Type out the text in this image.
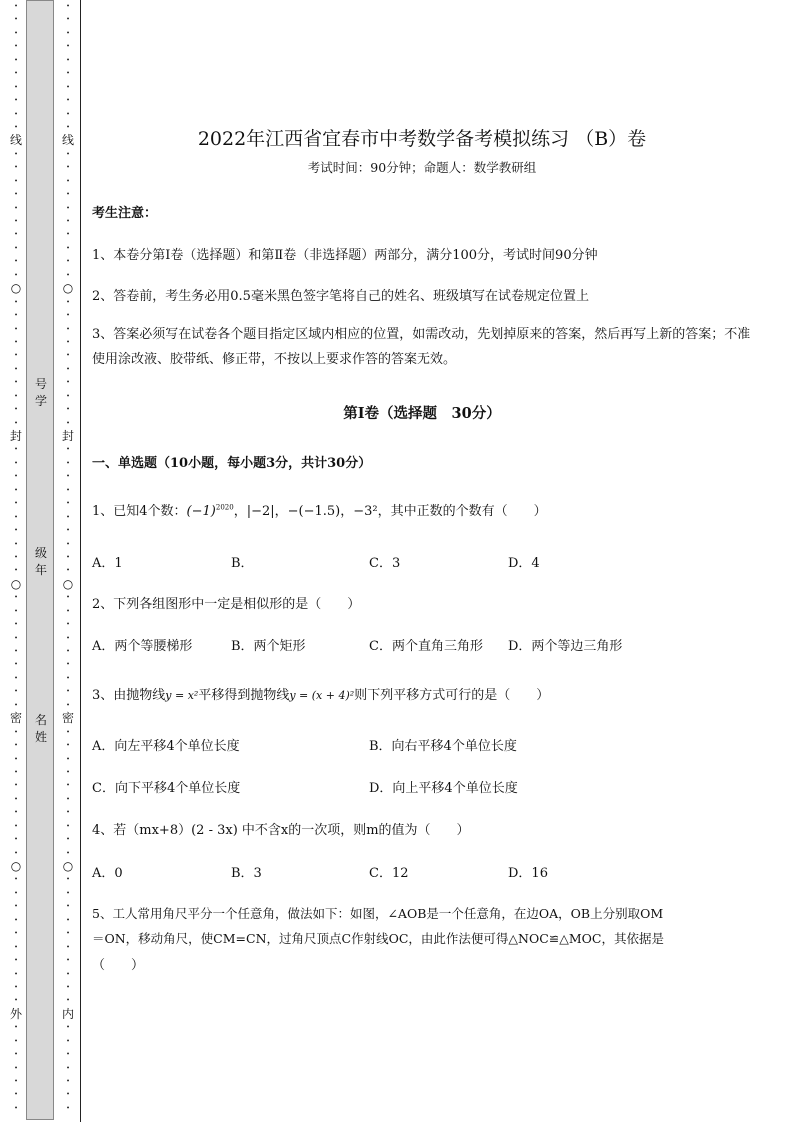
•
•
•
•
•
•
•
•
•
•
线
•
•
•
•
•
•
•
•
•
•
○
•
•
•
•
•
•
•
•
•
•
封
•
•
•
•
•
•
•
•
•
•
○
•
•
•
•
•
•
•
•
•
密
•
•
•
•
•
•
•
•
•
•
○
•
•
•
•
•
•
•
•
•
•
外
•
•
•
•
•
•
•
号学
级年
名姓
•
•
•
•
•
•
•
•
•
•
线
•
•
•
•
•
•
•
•
•
•
○
•
•
•
•
•
•
•
•
•
•
封
•
•
•
•
•
•
•
•
•
•
○
•
•
•
•
•
•
•
•
•
密
•
•
•
•
•
•
•
•
•
•
○
•
•
•
•
•
•
•
•
•
•
内
•
•
•
•
•
•
•
2022年江西省宜春市中考数学备考模拟练习 （B）卷
考试时间：90分钟；命题人：数学教研组
考生注意：
1、本卷分第I卷（选择题）和第Ⅱ卷（非选择题）两部分，满分100分，考试时间90分钟
2、答卷前，考生务必用0.5毫米黑色签字笔将自己的姓名、班级填写在试卷规定位置上
3、答案必须写在试卷各个题目指定区域内相应的位置，如需改动，先划掉原来的答案，然后再写上新的答案；不准使用涂改液、胶带纸、修正带，不按以上要求作答的答案无效。
第I卷（选择题　30分）
一、单选题（10小题，每小题3分，共计30分）
1、已知4个数：$(-1)^{2020}$，|−2|，−(−1.5)，−3²，其中正数的个数有（　　）
A．1	B．	C．3	D．4
2、下列各组图形中一定是相似形的是（　　）
A．两个等腰梯形	B．两个矩形	C．两个直角三角形 D．两个等边三角形
3、由抛物线y = x²平移得到抛物线y = (x + 4)²则下列平移方式可行的是（　　）
A．向左平移4个单位长度	B．向右平移4个单位长度
C．向下平移4个单位长度	D．向上平移4个单位长度
4、若（mx+8）(2 - 3x) 中不含x的一次项，则m的值为（　　）
A．0	B．3	C．12	D．16
5、工人常用角尺平分一个任意角，做法如下：如图，∠AOB是一个任意角，在边OA，OB上分别取OM
＝ON，移动角尺，使CM=CN，过角尺顶点C作射线OC，由此作法便可得△NOC≌△MOC，其依据是
（　　）
